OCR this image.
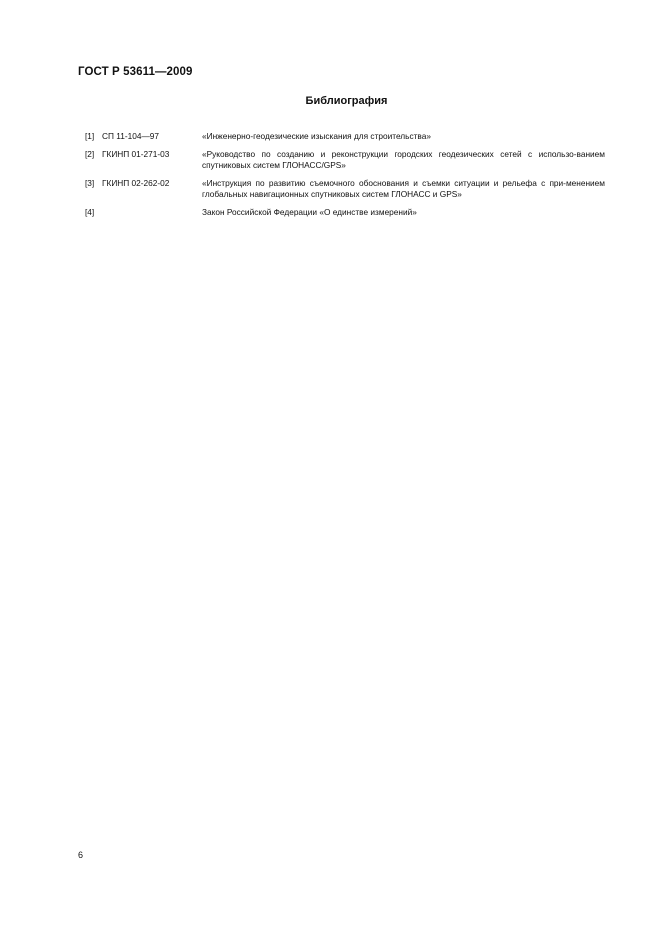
ГОСТ Р 53611—2009
Библиография
[1] СП 11-104—97	«Инженерно-геодезические изыскания для строительства»
[2] ГКИНП 01-271-03	«Руководство по созданию и реконструкции городских геодезических сетей с использо-ванием спутниковых систем ГЛОНАСС/GPS»
[3] ГКИНП 02-262-02	«Инструкция по развитию съемочного обоснования и съемки ситуации и рельефа с при-менением глобальных навигационных спутниковых систем ГЛОНАСС и GPS»
[4]	Закон Российской Федерации «О единстве измерений»
6
